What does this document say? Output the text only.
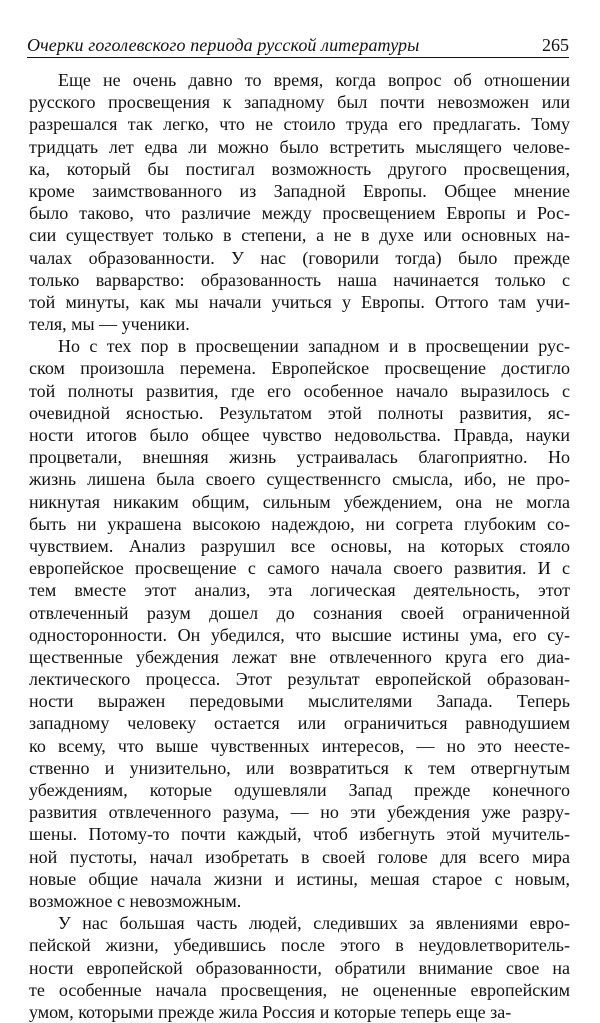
Очерки гоголевского периода русской литературы	265
Еще не очень давно то время, когда вопрос об отношении
русского просвещения к западному был почти невозможен или
разрешался так легко, что не стоило труда его предлагать. Тому
тридцать лет едва ли можно было встретить мыслящего челове-
ка, который бы постигал возможность другого просвещения,
кроме заимствованного из Западной Европы. Общее мнение
было таково, что различие между просвещением Европы и Рос-
сии существует только в степени, а не в духе или основных на-
чалах образованности. У нас (говорили тогда) было прежде
только варварство: образованность наша начинается только с
той минуты, как мы начали учиться у Европы. Оттого там учи-
теля, мы — ученики.
Но с тех пор в просвещении западном и в просвещении рус-
ском произошла перемена. Европейское просвещение достигло
той полноты развития, где его особенное начало выразилось с
очевидной ясностью. Результатом этой полноты развития, яс-
ности итогов было общее чувство недовольства. Правда, науки
процветали, внешняя жизнь устраивалась благоприятно. Но
жизнь лишена была своего существеннсго смысла, ибо, не про-
никнутая никаким общим, сильным убеждением, она не могла
быть ни украшена высокою надеждою, ни согрета глубоким со-
чувствием. Анализ разрушил все основы, на которых стояло
европейское просвещение с самого начала своего развития. И с
тем вместе этот анализ, эта логическая деятельность, этот
отвлеченный разум дошел до сознания своей ограниченной
односторонности. Он убедился, что высшие истины ума, его су-
щественные убеждения лежат вне отвлеченного круга его диа-
лектического процесса. Этот результат европейской образован-
ности выражен передовыми мыслителями Запада. Теперь
западному человеку остается или ограничиться равнодушием
ко всему, что выше чувственных интересов, — но это неесте-
ственно и унизительно, или возвратиться к тем отвергнутым
убеждениям, которые одушевляли Запад прежде конечного
развития отвлеченного разума, — но эти убеждения уже разру-
шены. Потому-то почти каждый, чтоб избегнуть этой мучитель-
ной пустоты, начал изобретать в своей голове для всего мира
новые общие начала жизни и истины, мешая старое с новым,
возможное с невозможным.
У нас большая часть людей, следивших за явлениями евро-
пейской жизни, убедившись после этого в неудовлетворитель-
ности европейской образованности, обратили внимание свое на
те особенные начала просвещения, не оцененные европейским
умом, которыми прежде жила Россия и которые теперь еще за-
